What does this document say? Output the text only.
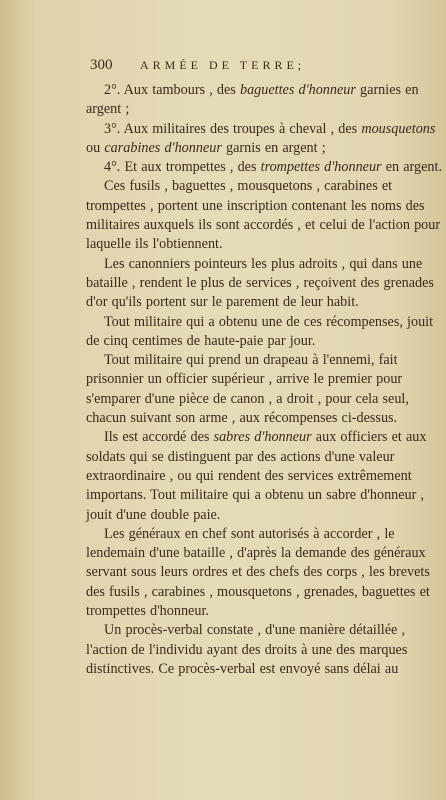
300 ARMÉE DE TERRE;

2°. Aux tambours , des baguettes d'honneur garnies en argent ;

3°. Aux militaires des troupes à cheval , des mousquetons ou carabines d'honneur garnis en argent ;

4°. Et aux trompettes , des trompettes d'honneur en argent.

Ces fusils , baguettes , mousquetons , carabines et trompettes , portent une inscription contenant les noms des militaires auxquels ils sont accordés , et celui de l'action pour laquelle ils l'obtiennent.

Les canonniers pointeurs les plus adroits , qui dans une bataille , rendent le plus de services , reçoivent des grenades d'or qu'ils portent sur le parement de leur habit.

Tout militaire qui a obtenu une de ces récompenses, jouit de cinq centimes de haute-paie par jour.

Tout militaire qui prend un drapeau à l'ennemi, fait prisonnier un officier supérieur , arrive le premier pour s'emparer d'une pièce de canon , a droit , pour cela seul, chacun suivant son arme , aux récompenses ci-dessus.

Ils est accordé des sabres d'honneur aux officiers et aux soldats qui se distinguent par des actions d'une valeur extraordinaire , ou qui rendent des services extrêmement importans. Tout militaire qui a obtenu un sabre d'honneur , jouit d'une double paie.

Les généraux en chef sont autorisés à accorder , le lendemain d'une bataille , d'après la demande des généraux servant sous leurs ordres et des chefs des corps , les brevets des fusils , carabines , mousquetons , grenades, baguettes et trompettes d'honneur.

Un procès-verbal constate , d'une manière détaillée , l'action de l'individu ayant des droits à une des marques distinctives. Ce procès-verbal est envoyé sans délai au
